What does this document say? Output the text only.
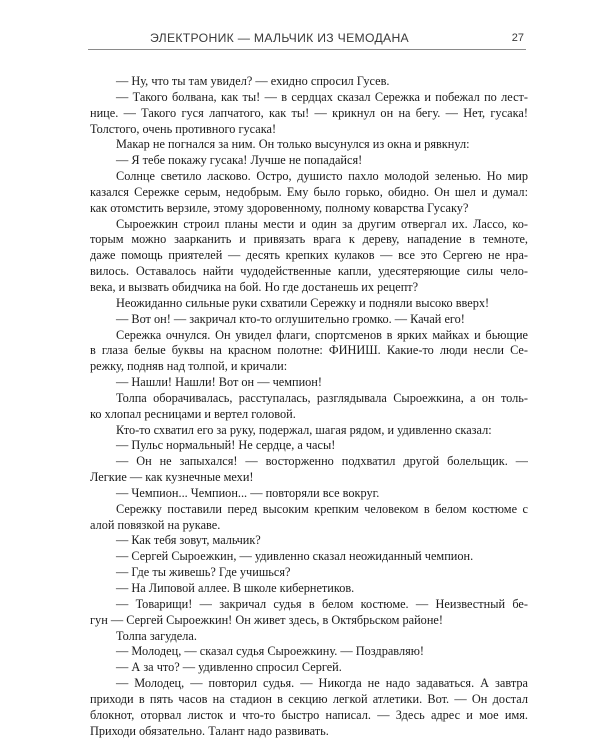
ЭЛЕКТРОНИК — МАЛЬЧИК ИЗ ЧЕМОДАНА	27
— Ну, что ты там увидел? — ехидно спросил Гусев.
— Такого болвана, как ты! — в сердцах сказал Сережка и побежал по лест-
нице. — Такого гуся лапчатого, как ты! — крикнул он на бегу. — Нет, гусака!
Толстого, очень противного гусака!
Макар не погнался за ним. Он только высунулся из окна и рявкнул:
— Я тебе покажу гусака! Лучше не попадайся!
Солнце светило ласково. Остро, душисто пахло молодой зеленью. Но мир
казался Сережке серым, недобрым. Ему было горько, обидно. Он шел и думал:
как отомстить верзиле, этому здоровенному, полному коварства Гусаку?
Сыроежкин строил планы мести и один за другим отвергал их. Лассо, ко-
торым можно заарканить и привязать врага к дереву, нападение в темноте,
даже помощь приятелей — десять крепких кулаков — все это Сергею не нра-
вилось. Оставалось найти чудодейственные капли, удесятеряющие силы чело-
века, и вызвать обидчика на бой. Но где достанешь их рецепт?
Неожиданно сильные руки схватили Сережку и подняли высоко вверх!
— Вот он! — закричал кто-то оглушительно громко. — Качай его!
Сережка очнулся. Он увидел флаги, спортсменов в ярких майках и бьющие
в глаза белые буквы на красном полотне: ФИНИШ. Какие-то люди несли Се-
режку, подняв над толпой, и кричали:
— Нашли! Нашли! Вот он — чемпион!
Толпа оборачивалась, расступалась, разглядывала Сыроежкина, а он толь-
ко хлопал ресницами и вертел головой.
Кто-то схватил его за руку, подержал, шагая рядом, и удивленно сказал:
— Пульс нормальный! Не сердце, а часы!
— Он не запыхался! — восторженно подхватил другой болельщик. —
Легкие — как кузнечные мехи!
— Чемпион... Чемпион... — повторяли все вокруг.
Сережку поставили перед высоким крепким человеком в белом костюме с
алой повязкой на рукаве.
— Как тебя зовут, мальчик?
— Сергей Сыроежкин, — удивленно сказал неожиданный чемпион.
— Где ты живешь? Где учишься?
— На Липовой аллее. В школе кибернетиков.
— Товарищи! — закричал судья в белом костюме. — Неизвестный бе-
гун — Сергей Сыроежкин! Он живет здесь, в Октябрьском районе!
Толпа загудела.
— Молодец, — сказал судья Сыроежкину. — Поздравляю!
— А за что? — удивленно спросил Сергей.
— Молодец, — повторил судья. — Никогда не надо задаваться. А завтра
приходи в пять часов на стадион в секцию легкой атлетики. Вот. — Он достал
блокнот, оторвал листок и что-то быстро написал. — Здесь адрес и мое имя.
Приходи обязательно. Талант надо развивать.
